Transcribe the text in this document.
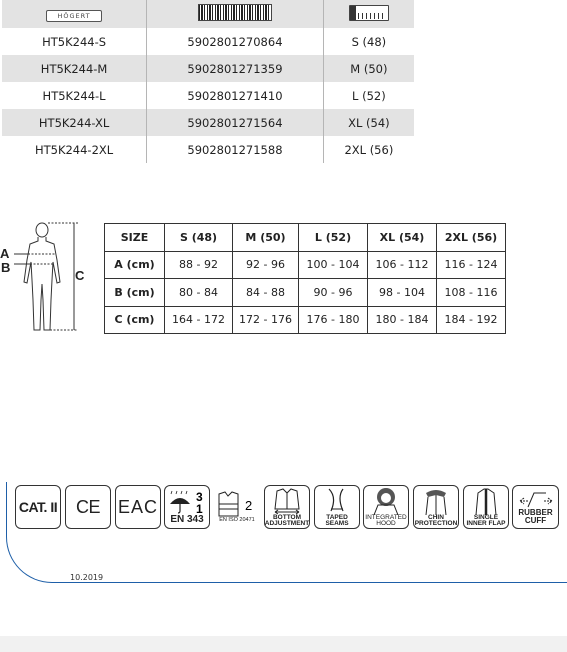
HÖGERT		

HT5K244-S	5902801270864	S (48)
HT5K244-M	5902801271359	M (50)
HT5K244-L	5902801271410	L (52)
HT5K244-XL	5902801271564	XL (54)
HT5K244-2XL	5902801271588	2XL (56)
A
B
C
SIZE	S (48)	M (50)	L (52)	XL (54)	2XL (56)
A (cm)	88 - 92	92 - 96	100 - 104	106 - 112	116 - 124
B (cm)	80 - 84	84 - 88	90 - 96	98 - 104	108 - 116
C (cm)	164 - 172	172 - 176	176 - 180	180 - 184	184 - 192
10.2019
CAT. II CE EAC	3
1
EN 343
2
EN ISO 20471	BOTTOM
ADJUSTMENT
TAPED
SEAMS
INTEGRATED
HOOD
CHIN
PROTECTION
SINGLE
INNER FLAP
RUBBER
CUFF
